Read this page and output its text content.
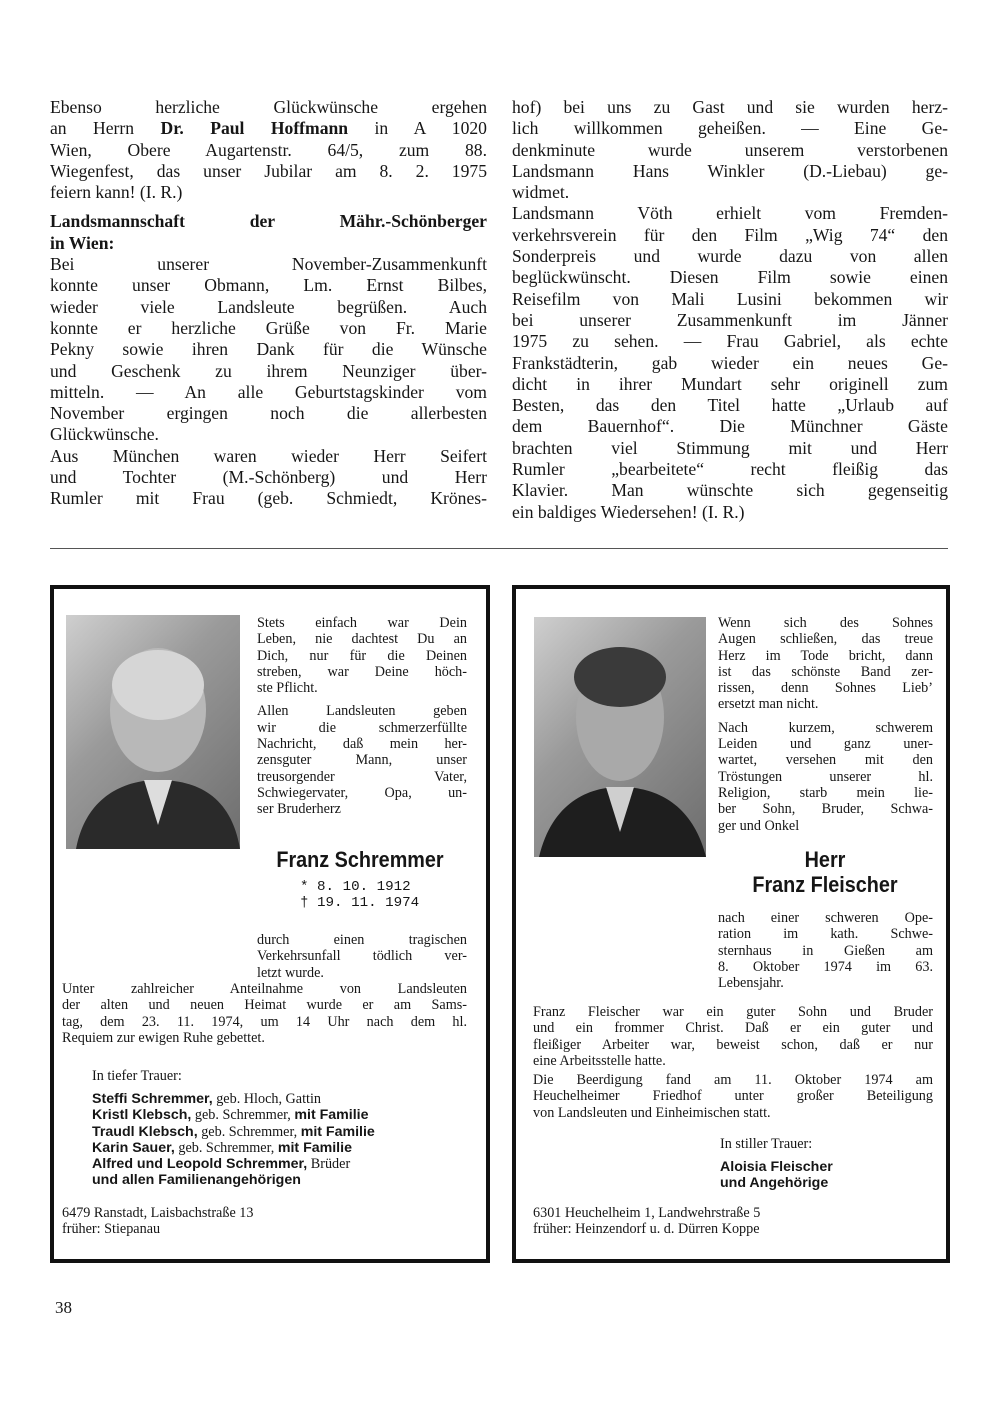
Ebenso herzliche Glückwünsche ergehen
an Herrn Dr. Paul Hoffmann in A 1020
Wien, Obere Augartenstr. 64/5, zum 88.
Wiegenfest, das unser Jubilar am 8. 2. 1975
feiern kann! (I. R.)
Landsmannschaft der Mähr.-Schönberger
in Wien:
Bei unserer November-Zusammenkunft
konnte unser Obmann, Lm. Ernst Bilbes,
wieder viele Landsleute begrüßen. Auch
konnte er herzliche Grüße von Fr. Marie
Pekny sowie ihren Dank für die Wünsche
und Geschenk zu ihrem Neunziger über-
mitteln. — An alle Geburtstagskinder vom
November ergingen noch die allerbesten
Glückwünsche.
Aus München waren wieder Herr Seifert
und Tochter (M.-Schönberg) und Herr
Rumler mit Frau (geb. Schmiedt, Krönes-
hof) bei uns zu Gast und sie wurden herz-
lich willkommen geheißen. — Eine Ge-
denkminute wurde unserem verstorbenen
Landsmann Hans Winkler (D.-Liebau) ge-
widmet.
Landsmann Vöth erhielt vom Fremden-
verkehrsverein für den Film „Wig 74“ den
Sonderpreis und wurde dazu von allen
beglückwünscht. Diesen Film sowie einen
Reisefilm von Mali Lusini bekommen wir
bei unserer Zusammenkunft im Jänner
1975 zu sehen. — Frau Gabriel, als echte
Frankstädterin, gab wieder ein neues Ge-
dicht in ihrer Mundart sehr originell zum
Besten, das den Titel hatte „Urlaub auf
dem Bauernhof“. Die Münchner Gäste
brachten viel Stimmung mit und Herr
Rumler „bearbeitete“ recht fleißig das
Klavier. Man wünschte sich gegenseitig
ein baldiges Wiedersehen! (I. R.)
Stets einfach war Dein
Leben, nie dachtest Du an
Dich, nur für die Deinen
streben, war Deine höch-
ste Pflicht.
Allen Landsleuten geben
wir die schmerzerfüllte
Nachricht, daß mein her-
zensguter Mann, unser
treusorgender Vater,
Schwiegervater, Opa, un-
ser Bruderherz
Franz Schremmer
* 8. 10. 1912
† 19. 11. 1974
durch einen tragischen
Verkehrsunfall tödlich ver-
letzt wurde.
Unter zahlreicher Anteilnahme von Landsleuten
der alten und neuen Heimat wurde er am Sams-
tag, dem 23. 11. 1974, um 14 Uhr nach dem hl.
Requiem zur ewigen Ruhe gebettet.
In tiefer Trauer:
Steffi Schremmer, geb. Hloch, Gattin
Kristl Klebsch, geb. Schremmer, mit Familie
Traudl Klebsch, geb. Schremmer, mit Familie
Karin Sauer, geb. Schremmer, mit Familie
Alfred und Leopold Schremmer, Brüder
und allen Familienangehörigen
6479 Ranstadt, Laisbachstraße 13
früher: Stiepanau
Wenn sich des Sohnes
Augen schließen, das treue
Herz im Tode bricht, dann
ist das schönste Band zer-
rissen, denn Sohnes Lieb’
ersetzt man nicht.
Nach kurzem, schwerem
Leiden und ganz uner-
wartet, versehen mit den
Tröstungen unserer hl.
Religion, starb mein lie-
ber Sohn, Bruder, Schwa-
ger und Onkel
Herr
Franz Fleischer
nach einer schweren Ope-
ration im kath. Schwe-
sternhaus in Gießen am
8. Oktober 1974 im 63.
Lebensjahr.
Franz Fleischer war ein guter Sohn und Bruder
und ein frommer Christ. Daß er ein guter und
fleißiger Arbeiter war, beweist schon, daß er nur
eine Arbeitsstelle hatte.
Die Beerdigung fand am 11. Oktober 1974 am
Heuchelheimer Friedhof unter großer Beteiligung
von Landsleuten und Einheimischen statt.
In stiller Trauer:
Aloisia Fleischer
und Angehörige
6301 Heuchelheim 1, Landwehrstraße 5
früher: Heinzendorf u. d. Dürren Koppe
38
